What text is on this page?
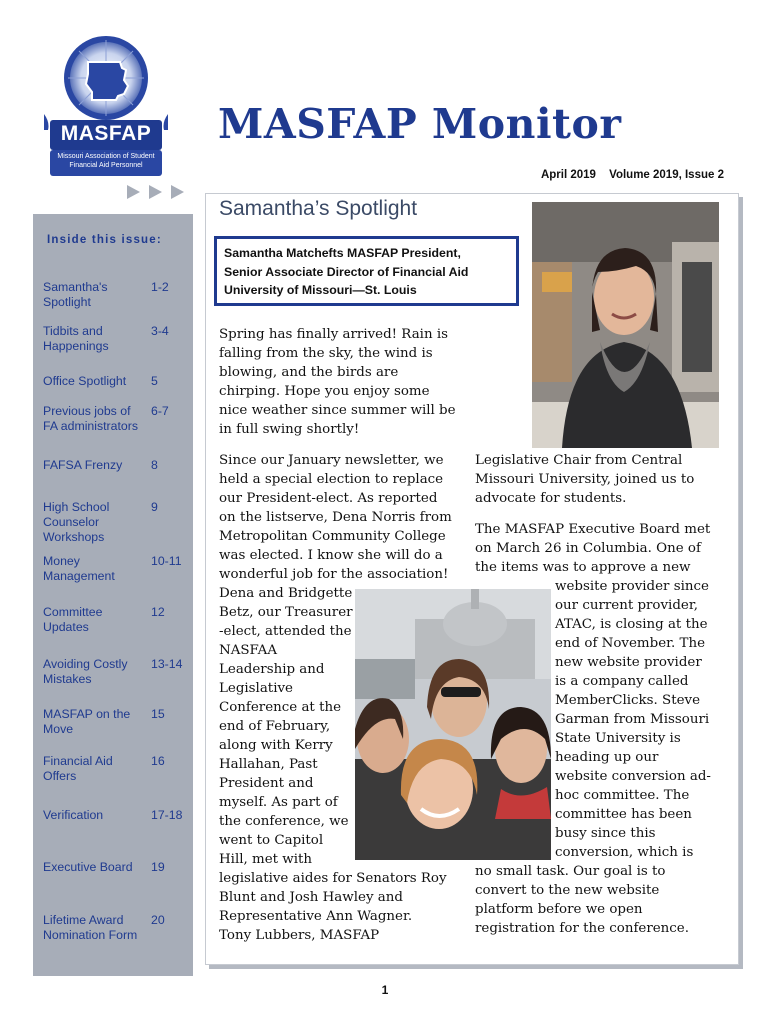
MASFAP
Missouri Association of Student
Financial Aid Personnel
MASFAP Monitor
April 2019 Volume 2019, Issue 2
Inside this issue:
Samantha's Spotlight
1-2
Tidbits and Happenings
3-4
Office Spotlight	5
Previous jobs of FA administrators
6-7
FAFSA Frenzy	8
High School Counselor Workshops
9
Money Management
10-11
Committee Updates
12
Avoiding Costly Mistakes
13-14
MASFAP on the Move
15
Financial Aid Offers
16
Verification	17-18
Executive Board	19
Lifetime Award Nomination Form
20
Samantha’s Spotlight
Samantha Matchefts MASFAP President,
Senior Associate Director of Financial Aid
University of Missouri—St. Louis
Spring has finally arrived! Rain is
falling from the sky, the wind is
blowing, and the birds are
chirping. Hope you enjoy some
nice weather since summer will be
in full swing shortly!
Since our January newsletter, we
held a special election to replace
our President-elect. As reported
on the listserve, Dena Norris from
Metropolitan Community College
was elected. I know she will do a
wonderful job for the association!
Dena and Bridgette
Betz, our Treasurer
-elect, attended the
NASFAA
Leadership and
Legislative
Conference at the
end of February,
along with Kerry
Hallahan, Past
President and
myself. As part of
the conference, we
went to Capitol
Hill, met with
legislative aides for Senators Roy
Blunt and Josh Hawley and
Representative Ann Wagner.
Tony Lubbers, MASFAP
Legislative Chair from Central
Missouri University, joined us to
advocate for students.
The MASFAP Executive Board met
on March 26 in Columbia. One of
the items was to approve a new
website provider since
our current provider,
ATAC, is closing at the
end of November. The
new website provider
is a company called
MemberClicks. Steve
Garman from Missouri
State University is
heading up our
website conversion ad-
hoc committee. The
committee has been
busy since this
conversion, which is
no small task. Our goal is to
convert to the new website
platform before we open
registration for the conference.
1
